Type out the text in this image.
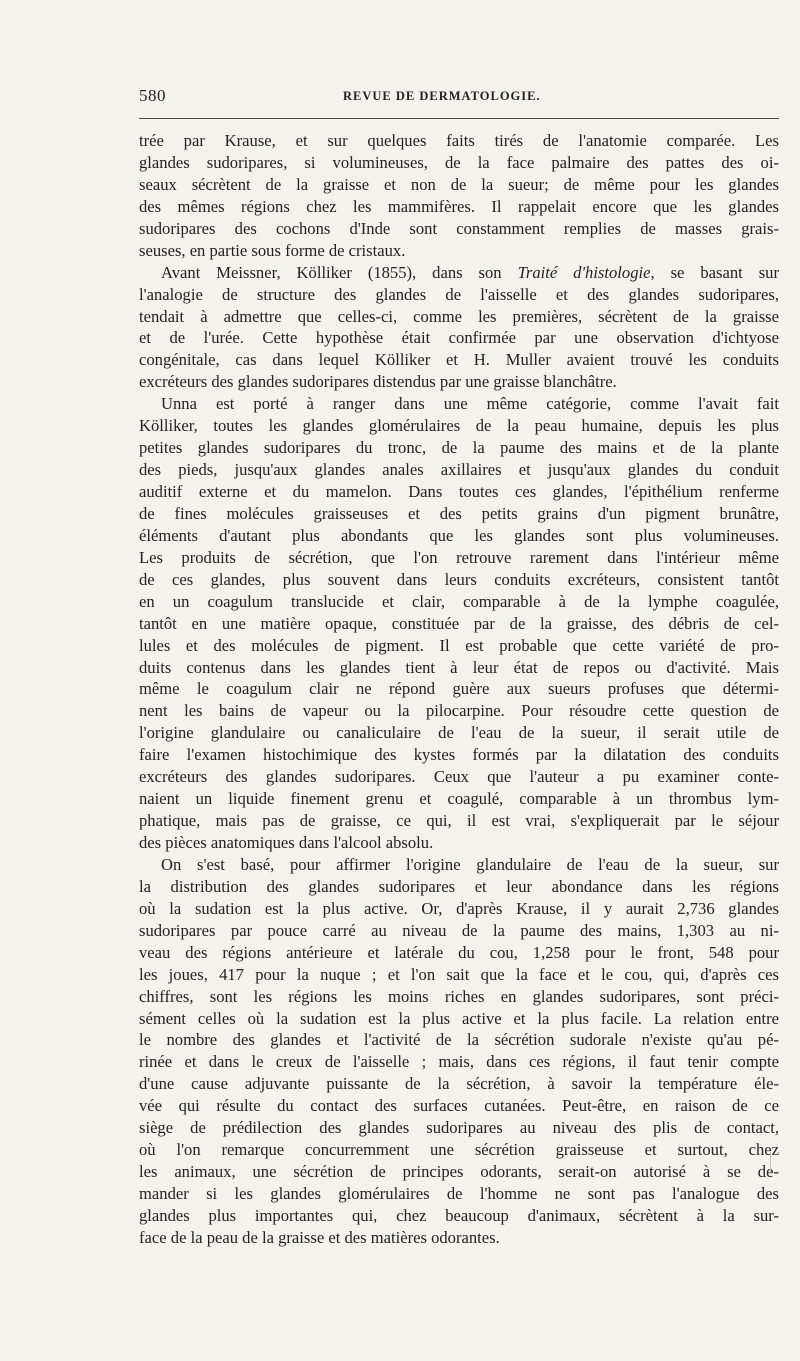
580	REVUE DE DERMATOLOGIE.
trée par Krause, et sur quelques faits tirés de l'anatomie comparée. Les
glandes sudoripares, si volumineuses, de la face palmaire des pattes des oi-
seaux sécrètent de la graisse et non de la sueur; de même pour les glandes
des mêmes régions chez les mammifères. Il rappelait encore que les glandes
sudoripares des cochons d'Inde sont constamment remplies de masses grais-
seuses, en partie sous forme de cristaux.
Avant Meissner, Kölliker (1855), dans son Traité d'histologie, se basant sur
l'analogie de structure des glandes de l'aisselle et des glandes sudoripares,
tendait à admettre que celles-ci, comme les premières, sécrètent de la graisse
et de l'urée. Cette hypothèse était confirmée par une observation d'ichtyose
congénitale, cas dans lequel Kölliker et H. Muller avaient trouvé les conduits
excréteurs des glandes sudoripares distendus par une graisse blanchâtre.
Unna est porté à ranger dans une même catégorie, comme l'avait fait
Kölliker, toutes les glandes glomérulaires de la peau humaine, depuis les plus
petites glandes sudoripares du tronc, de la paume des mains et de la plante
des pieds, jusqu'aux glandes anales axillaires et jusqu'aux glandes du conduit
auditif externe et du mamelon. Dans toutes ces glandes, l'épithélium renferme
de fines molécules graisseuses et des petits grains d'un pigment brunâtre,
éléments d'autant plus abondants que les glandes sont plus volumineuses.
Les produits de sécrétion, que l'on retrouve rarement dans l'intérieur même
de ces glandes, plus souvent dans leurs conduits excréteurs, consistent tantôt
en un coagulum translucide et clair, comparable à de la lymphe coagulée,
tantôt en une matière opaque, constituée par de la graisse, des débris de cel-
lules et des molécules de pigment. Il est probable que cette variété de pro-
duits contenus dans les glandes tient à leur état de repos ou d'activité. Mais
même le coagulum clair ne répond guère aux sueurs profuses que détermi-
nent les bains de vapeur ou la pilocarpine. Pour résoudre cette question de
l'origine glandulaire ou canaliculaire de l'eau de la sueur, il serait utile de
faire l'examen histochimique des kystes formés par la dilatation des conduits
excréteurs des glandes sudoripares. Ceux que l'auteur a pu examiner conte-
naient un liquide finement grenu et coagulé, comparable à un thrombus lym-
phatique, mais pas de graisse, ce qui, il est vrai, s'expliquerait par le séjour
des pièces anatomiques dans l'alcool absolu.
On s'est basé, pour affirmer l'origine glandulaire de l'eau de la sueur, sur
la distribution des glandes sudoripares et leur abondance dans les régions
où la sudation est la plus active. Or, d'après Krause, il y aurait 2,736 glandes
sudoripares par pouce carré au niveau de la paume des mains, 1,303 au ni-
veau des régions antérieure et latérale du cou, 1,258 pour le front, 548 pour
les joues, 417 pour la nuque ; et l'on sait que la face et le cou, qui, d'après ces
chiffres, sont les régions les moins riches en glandes sudoripares, sont préci-
sément celles où la sudation est la plus active et la plus facile. La relation entre
le nombre des glandes et l'activité de la sécrétion sudorale n'existe qu'au pé-
rinée et dans le creux de l'aisselle ; mais, dans ces régions, il faut tenir compte
d'une cause adjuvante puissante de la sécrétion, à savoir la température éle-
vée qui résulte du contact des surfaces cutanées. Peut-être, en raison de ce
siège de prédilection des glandes sudoripares au niveau des plis de contact,
où l'on remarque concurremment une sécrétion graisseuse et surtout, chez
les animaux, une sécrétion de principes odorants, serait-on autorisé à se de-
mander si les glandes glomérulaires de l'homme ne sont pas l'analogue des
glandes plus importantes qui, chez beaucoup d'animaux, sécrètent à la sur-
face de la peau de la graisse et des matières odorantes.
